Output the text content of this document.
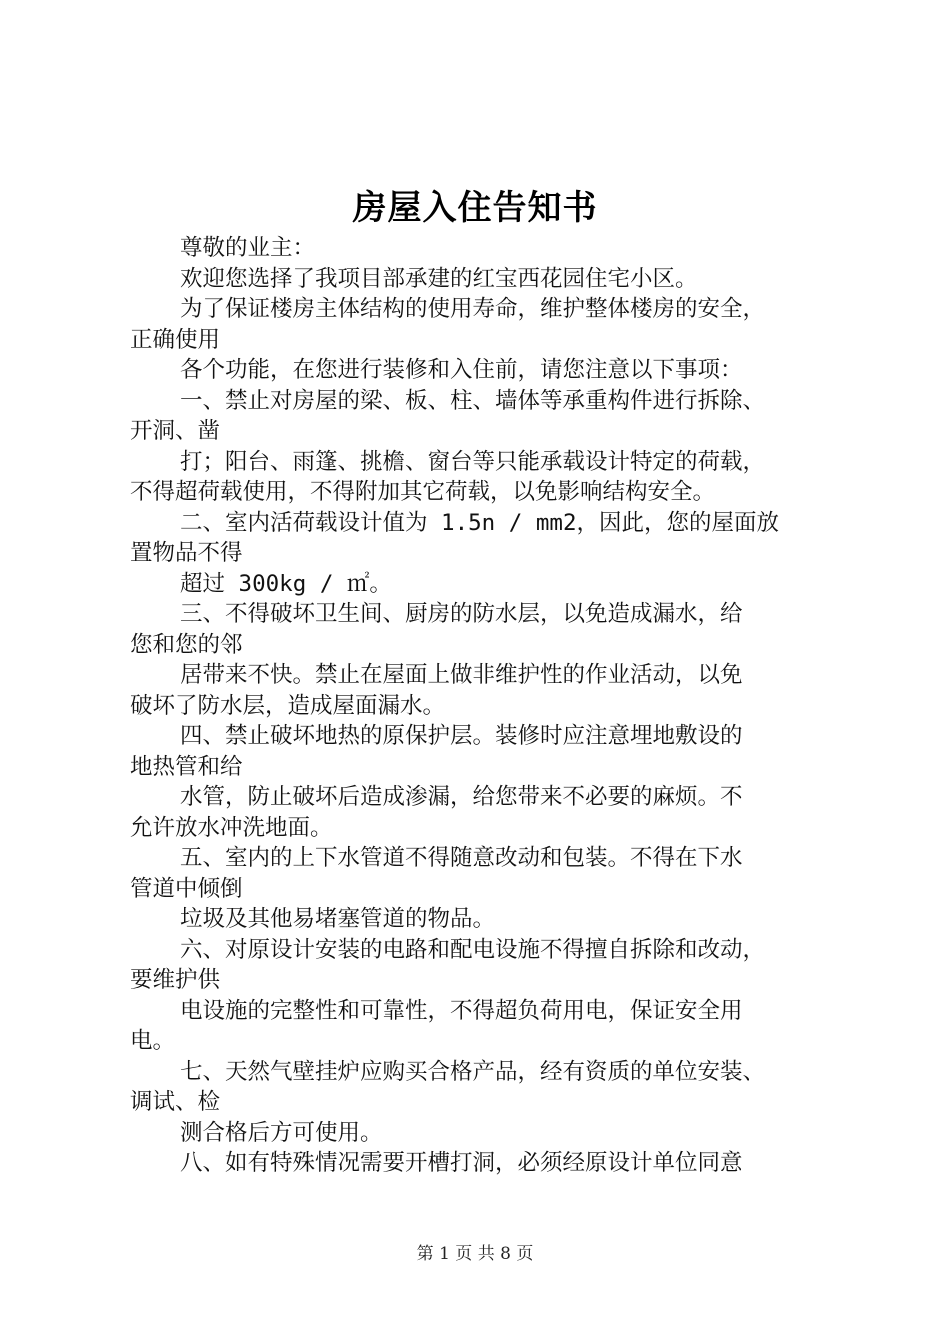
房屋入住告知书
尊敬的业主：
欢迎您选择了我项目部承建的红宝西花园住宅小区。
为了保证楼房主体结构的使用寿命，维护整体楼房的安全，
正确使用
各个功能，在您进行装修和入住前，请您注意以下事项：
一、禁止对房屋的梁、板、柱、墙体等承重构件进行拆除、
开洞、凿
打；阳台、雨篷、挑檐、窗台等只能承载设计特定的荷载，
不得超荷载使用，不得附加其它荷载，以免影响结构安全。
二、室内活荷载设计值为 1.5n / mm2，因此，您的屋面放
置物品不得
超过 300kg / ㎡。
三、不得破坏卫生间、厨房的防水层，以免造成漏水，给
您和您的邻
居带来不快。禁止在屋面上做非维护性的作业活动，以免
破坏了防水层，造成屋面漏水。
四、禁止破坏地热的原保护层。装修时应注意埋地敷设的
地热管和给
水管，防止破坏后造成渗漏，给您带来不必要的麻烦。不
允许放水冲洗地面。
五、室内的上下水管道不得随意改动和包装。不得在下水
管道中倾倒
垃圾及其他易堵塞管道的物品。
六、对原设计安装的电路和配电设施不得擅自拆除和改动，
要维护供
电设施的完整性和可靠性，不得超负荷用电，保证安全用
电。
七、天然气壁挂炉应购买合格产品，经有资质的单位安装、
调试、检
测合格后方可使用。
八、如有特殊情况需要开槽打洞，必须经原设计单位同意
第 1 页 共 8 页
